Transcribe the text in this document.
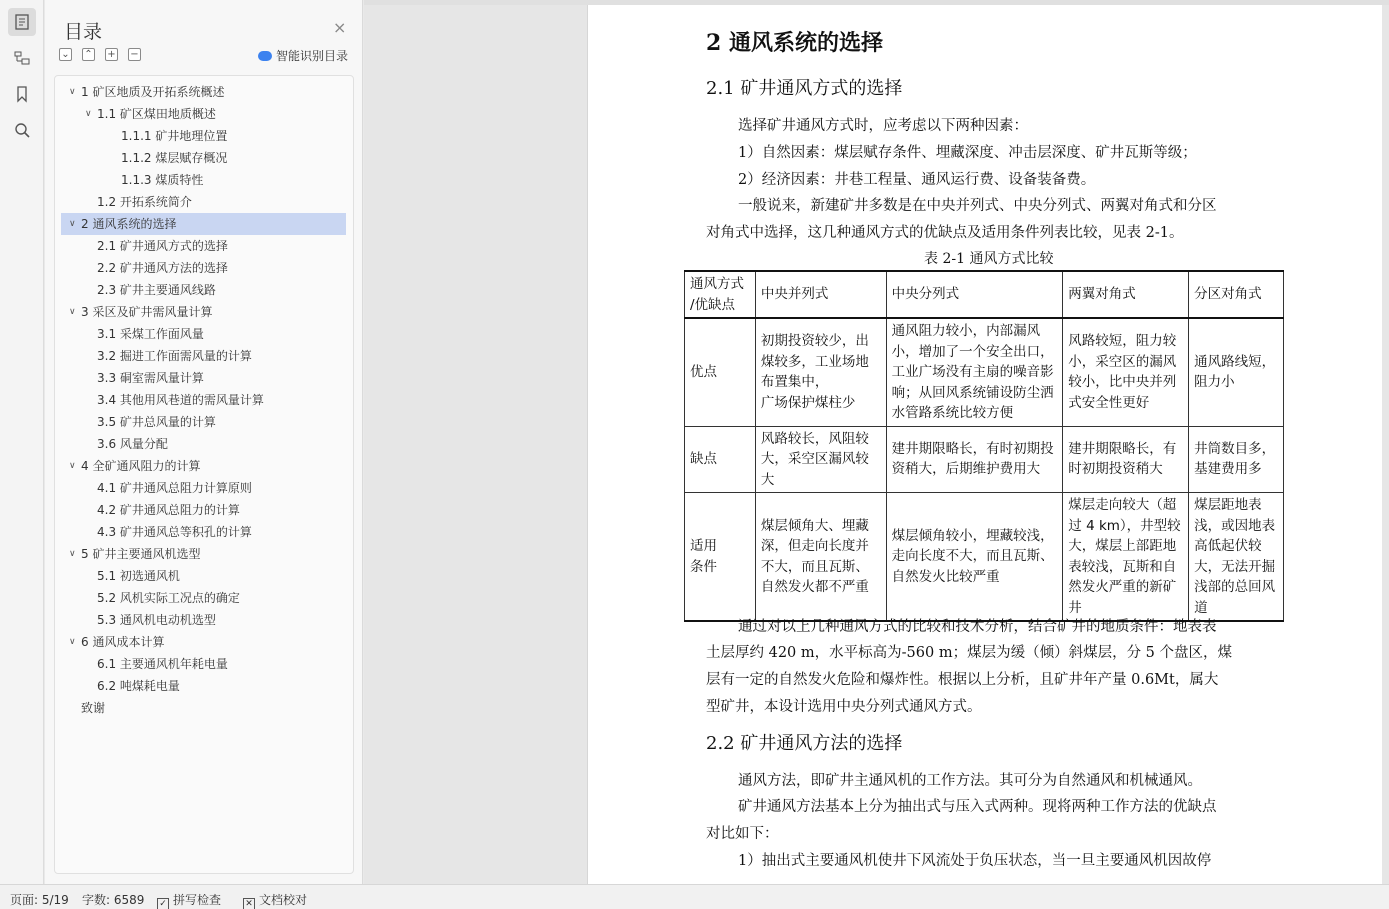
目录	×
⌄ ⌃ + −	智能识别目录
∨ 1 矿区地质及开拓系统概述
∨ 1.1 矿区煤田地质概述
1.1.1 矿井地理位置
1.1.2 煤层赋存概况
1.1.3 煤质特性
1.2 开拓系统简介
∨ 2 通风系统的选择
2.1 矿井通风方式的选择
2.2 矿井通风方法的选择
2.3 矿井主要通风线路
∨ 3 采区及矿井需风量计算
3.1 采煤工作面风量
3.2 掘进工作面需风量的计算
3.3 硐室需风量计算
3.4 其他用风巷道的需风量计算
3.5 矿井总风量的计算
3.6 风量分配
∨ 4 全矿通风阻力的计算
4.1 矿井通风总阻力计算原则
4.2 矿井通风总阻力的计算
4.3 矿井通风总等积孔的计算
∨ 5 矿井主要通风机选型
5.1 初选通风机
5.2 风机实际工况点的确定
5.3 通风机电动机选型
∨ 6 通风成本计算
6.1 主要通风机年耗电量
6.2 吨煤耗电量
致谢
2 通风系统的选择
2.1 矿井通风方式的选择
选择矿井通风方式时，应考虑以下两种因素：
1）自然因素：煤层赋存条件、埋藏深度、冲击层深度、矿井瓦斯等级；
2）经济因素：井巷工程量、通风运行费、设备装备费。
一般说来，新建矿井多数是在中央并列式、中央分列式、两翼对角式和分区
对角式中选择，这几种通风方式的优缺点及适用条件列表比较，见表 2-1。
表 2-1 通风方式比较
通风方式
/优缺点	中央并列式	中央分列式	两翼对角式	分区对角式
优点	初期投资较少，出煤较多，工业场地布置集中，
广场保护煤柱少	通风阻力较小，内部漏风小，增加了一个安全出口，工业广场没有主扇的噪音影响；从回风系统铺设防尘洒水管路系统比较方便	风路较短，阻力较小，采空区的漏风较小，比中央并列式安全性更好	通风路线短，阻力小
缺点	风路较长，风阻较大，采空区漏风较大	建井期限略长，有时初期投资稍大，后期维护费用大	建井期限略长，有时初期投资稍大	井筒数目多，基建费用多
适用
条件	煤层倾角大、埋藏深，但走向长度并不大，而且瓦斯、自然发火都不严重	煤层倾角较小，埋藏较浅，走向长度不大，而且瓦斯、自然发火比较严重	煤层走向较大（超过 4 km），井型较大，煤层上部距地表较浅，瓦斯和自然发火严重的新矿井	煤层距地表浅，或因地表高低起伏较大，无法开掘浅部的总回风道
通过对以上几种通风方式的比较和技术分析，结合矿井的地质条件：地表表
土层厚约 420 m，水平标高为-560 m；煤层为缓（倾）斜煤层，分 5 个盘区，煤
层有一定的自然发火危险和爆炸性。根据以上分析，且矿井年产量 0.6Mt，属大
型矿井，本设计选用中央分列式通风方式。
2.2 矿井通风方法的选择
通风方法，即矿井主通风机的工作方法。其可分为自然通风和机械通风。
矿井通风方法基本上分为抽出式与压入式两种。现将两种工作方法的优缺点
对比如下：
1）抽出式主要通风机使井下风流处于负压状态，当一旦主要通风机因故停
页面: 5/19 字数: 6589 ✓ 拼写检查	✕ 文档校对
